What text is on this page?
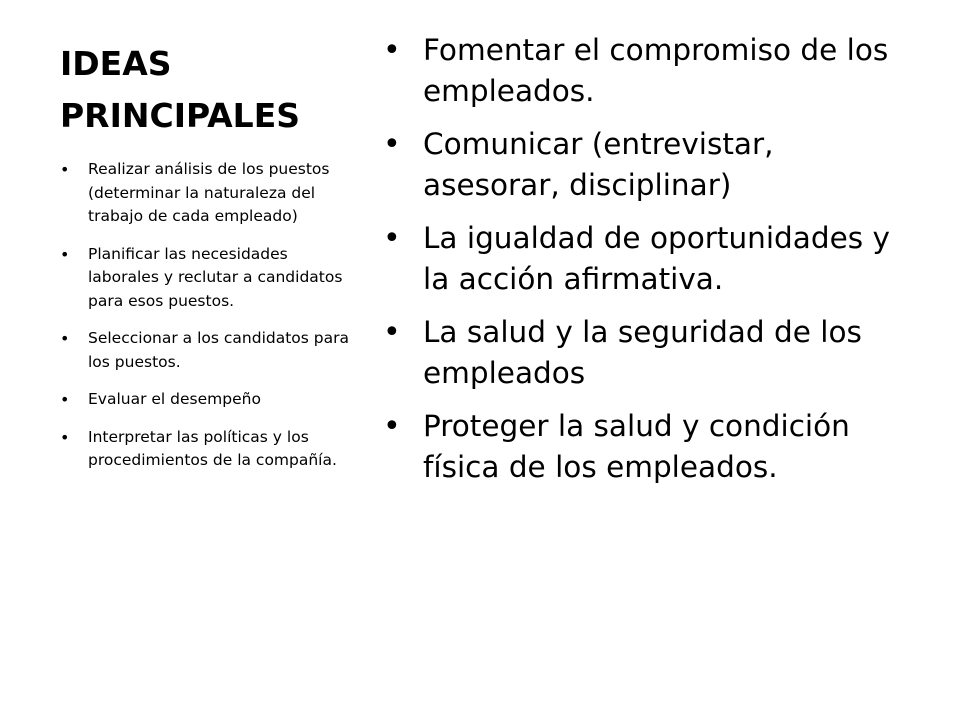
IDEAS PRINCIPALES
• Realizar análisis de los puestos (determinar la naturaleza del trabajo de cada empleado)
• Planificar las necesidades laborales y reclutar a candidatos para esos puestos.
• Seleccionar a los candidatos para los puestos.
• Evaluar el desempeño
• Interpretar las políticas y los procedimientos de la compañía.
• Fomentar el compromiso de los empleados.
• Comunicar (entrevistar, asesorar, disciplinar)
• La igualdad de oportunidades y la acción afirmativa.
• La salud y la seguridad de los empleados
• Proteger la salud y condición física de los empleados.
